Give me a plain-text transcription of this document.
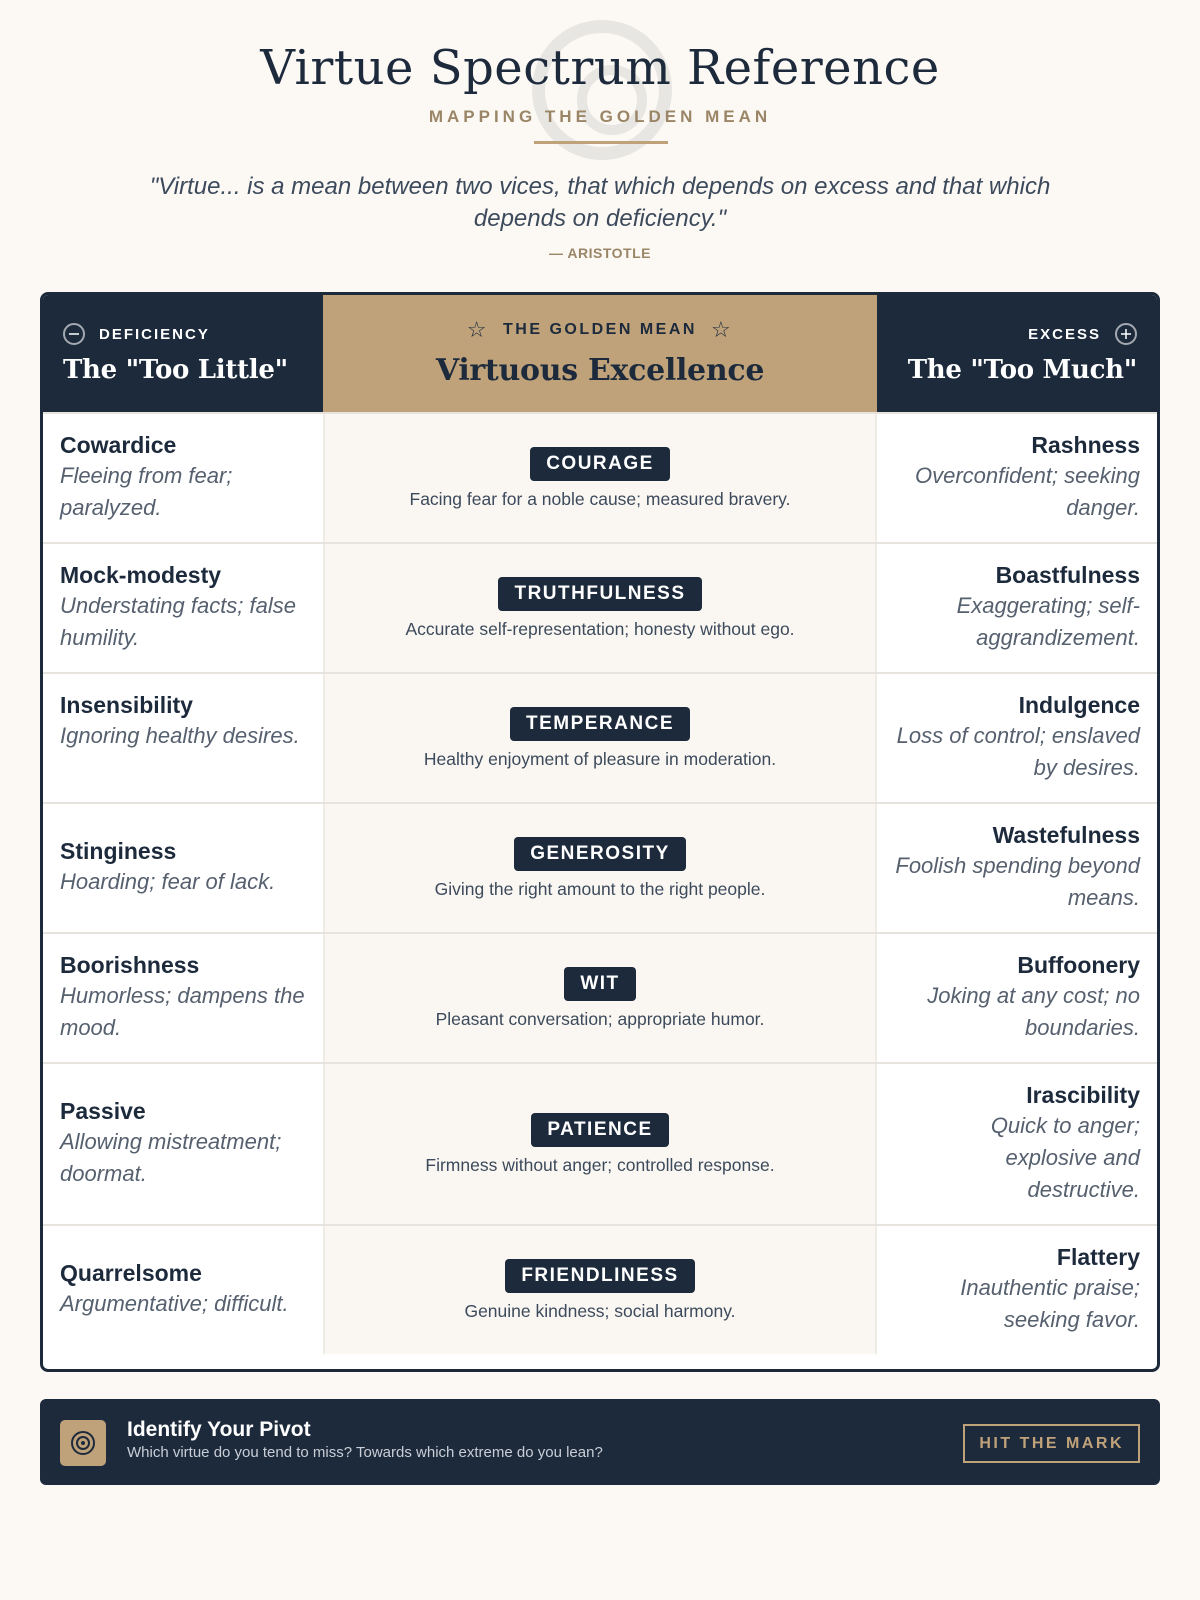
Virtue Spectrum Reference
MAPPING THE GOLDEN MEAN

"Virtue... is a mean between two vices, that which depends on excess and that which depends on deficiency."

— ARISTOTLE
DEFICIENCY
The "Too Little"
☆ THE GOLDEN MEAN ☆
Virtuous Excellence
EXCESS
The "Too Much"
Cowardice
Fleeing from fear; paralyzed.
COURAGE
Facing fear for a noble cause; measured bravery.
Rashness
Overconfident; seeking danger.
Mock-modesty
Understating facts; false humility.
TRUTHFULNESS
Accurate self-representation; honesty without ego.
Boastfulness
Exaggerating; self-aggrandizement.
Insensibility
Ignoring healthy desires.	TEMPERANCE
Healthy enjoyment of pleasure in moderation.
Indulgence
Loss of control; enslaved by desires.
Stinginess
Hoarding; fear of lack.
GENEROSITY
Giving the right amount to the right people.
Wastefulness
Foolish spending beyond means.
Boorishness
Humorless; dampens the mood.
WIT
Pleasant conversation; appropriate humor.
Buffoonery
Joking at any cost; no boundaries.
Passive
Allowing mistreatment; doormat.
PATIENCE
Firmness without anger; controlled response.
Irascibility
Quick to anger; explosive and destructive.
Quarrelsome
Argumentative; difficult.
FRIENDLINESS
Genuine kindness; social harmony.
Flattery
Inauthentic praise; seeking favor.
Identify Your Pivot
Which virtue do you tend to miss? Towards which extreme do you lean?
HIT THE MARK
